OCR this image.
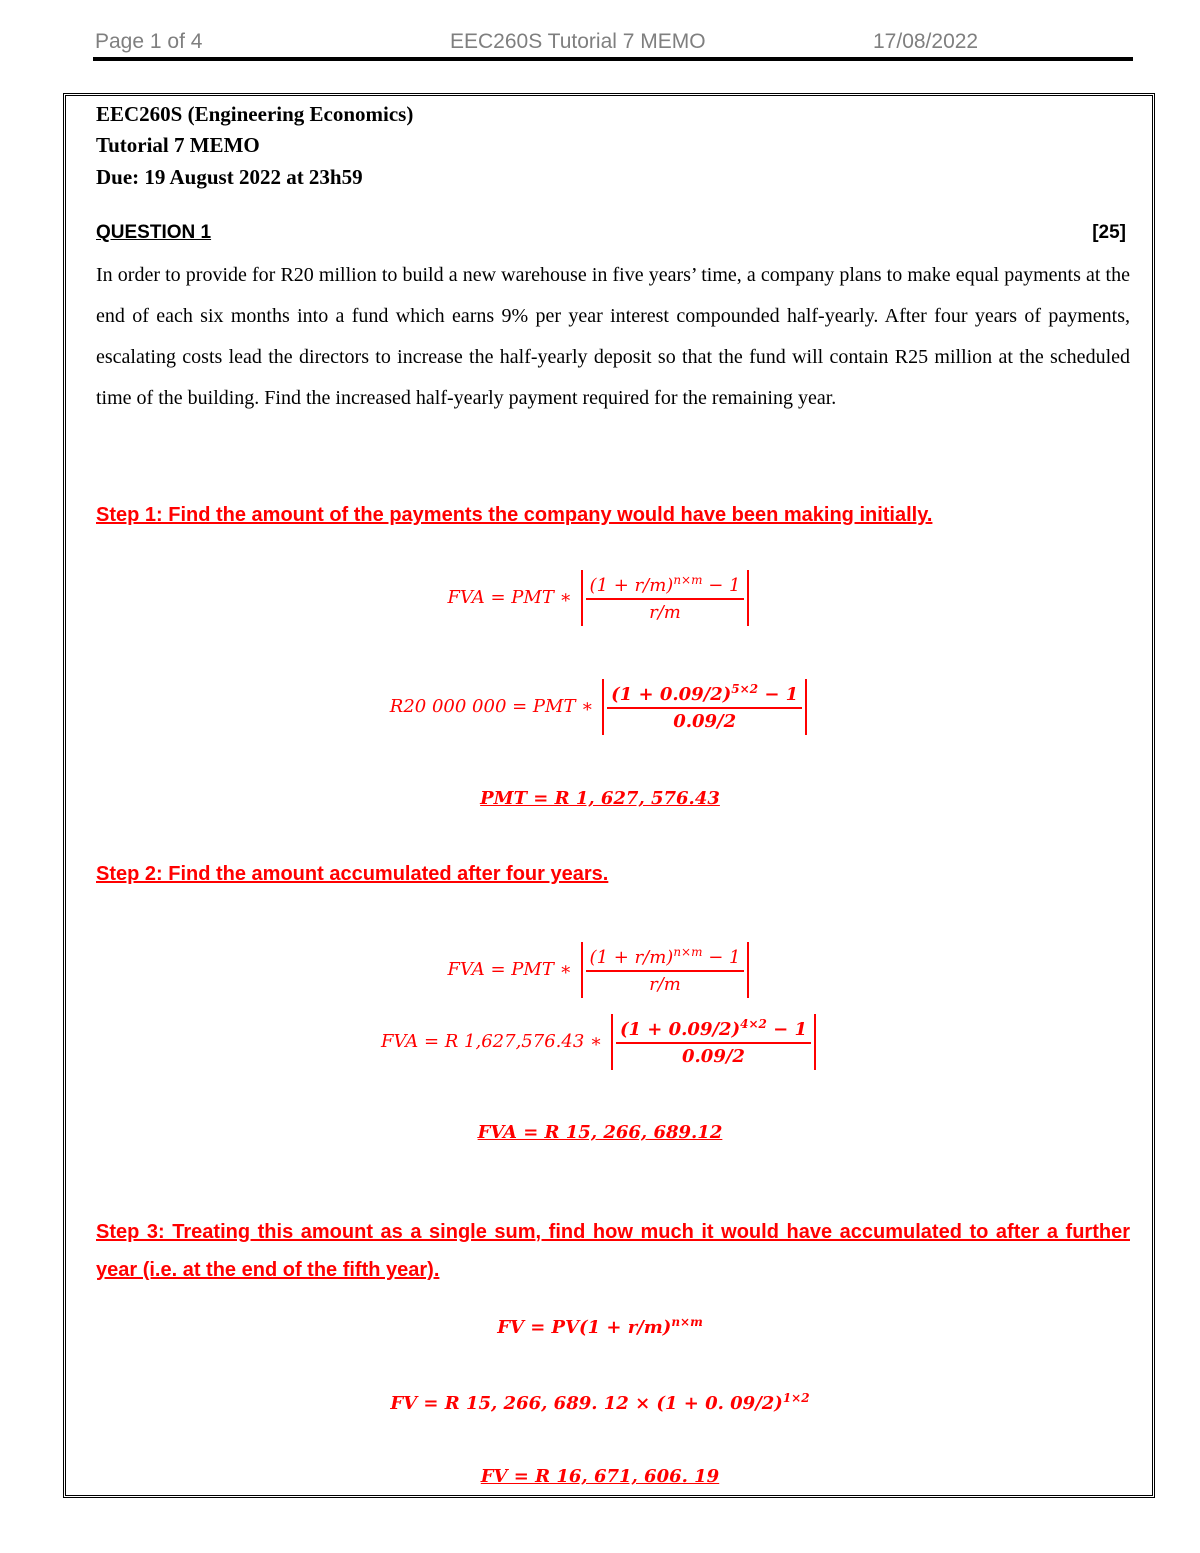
Page 1 of 4	EEC260S Tutorial 7 MEMO	17/08/2022
EEC260S (Engineering Economics)
Tutorial 7 MEMO
Due: 19 August 2022 at 23h59
QUESTION 1	[25]
In order to provide for R20 million to build a new warehouse in five years’ time, a company plans to make equal payments at the end of each six months into a fund which earns 9% per year interest compounded half-yearly. After four years of payments, escalating costs lead the directors to increase the half-yearly deposit so that the fund will contain R25 million at the scheduled time of the building. Find the increased half-yearly payment required for the remaining year.
Step 1: Find the amount of the payments the company would have been making initially.
FVA = PMT ∗ $\frac{(1 + r/m)^{n\times m} - 1}{r/m}$
R20 000 000 = PMT ∗ $\frac{(1 + 0.09/2)^{5\times 2} - 1}{0.09/2}$
PMT = R 1, 627, 576.43
Step 2: Find the amount accumulated after four years.
FVA = PMT ∗ $\frac{(1 + r/m)^{n\times m} - 1}{r/m}$
FVA = R 1,627,576.43 ∗ $\frac{(1 + 0.09/2)^{4\times 2} - 1}{0.09/2}$
FVA = R 15, 266, 689.12
Step 3: Treating this amount as a single sum, find how much it would have accumulated to after a further year (i.e. at the end of the fifth year).
FV = $PV(1 + r/m)^{n\times m}$
FV = R 15, 266, 689. 12 × (1 + 0. 09/2)$^{1\times 2}$
FV = R 16, 671, 606. 19
